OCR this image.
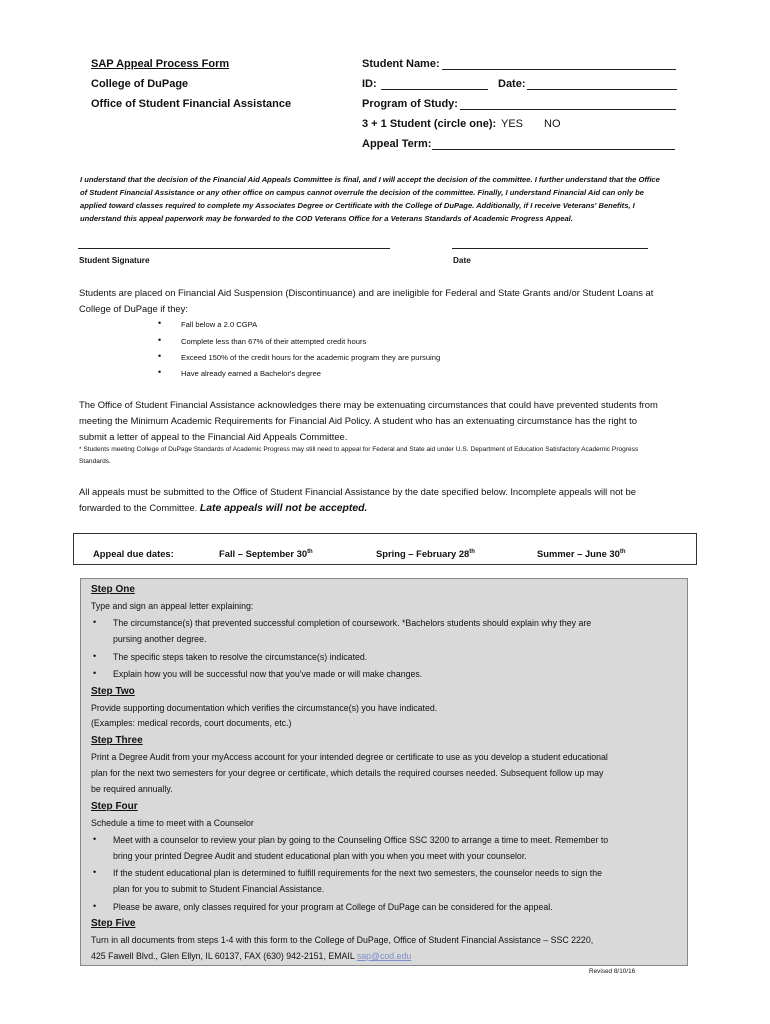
SAP Appeal Process Form
College of DuPage
Office of Student Financial Assistance
Student Name:
ID:	Date:
Program of Study:
3 + 1 Student (circle one): YES NO
Appeal Term:
I understand that the decision of the Financial Aid Appeals Committee is final, and I will accept the decision of the committee. I further understand that the Office
of Student Financial Assistance or any other office on campus cannot overrule the decision of the committee. Finally, I understand Financial Aid can only be
applied toward classes required to complete my Associates Degree or Certificate with the College of DuPage. Additionally, if I receive Veterans' Benefits, I
understand this appeal paperwork may be forwarded to the COD Veterans Office for a Veterans Standards of Academic Progress Appeal.
Student Signature	Date
Students are placed on Financial Aid Suspension (Discontinuance) and are ineligible for Federal and State Grants and/or Student Loans at
College of DuPage if they:
•	Fall below a 2.0 CGPA
•	Complete less than 67% of their attempted credit hours
•	Exceed 150% of the credit hours for the academic program they are pursuing
•	Have already earned a Bachelor's degree
The Office of Student Financial Assistance acknowledges there may be extenuating circumstances that could have prevented students from
meeting the Minimum Academic Requirements for Financial Aid Policy. A student who has an extenuating circumstance has the right to
submit a letter of appeal to the Financial Aid Appeals Committee.
* Students meeting College of DuPage Standards of Academic Progress may still need to appeal for Federal and State aid under U.S. Department of Education Satisfactory Academic Progress
Standards.
All appeals must be submitted to the Office of Student Financial Assistance by the date specified below. Incomplete appeals will not be
forwarded to the Committee. Late appeals will not be accepted.
Appeal due dates:	Fall – September 30th	Spring – February 28th	Summer – June 30th
Step One
Type and sign an appeal letter explaining:
• The circumstance(s) that prevented successful completion of coursework. *Bachelors students should explain why they are
pursing another degree.
• The specific steps taken to resolve the circumstance(s) indicated.
• Explain how you will be successful now that you've made or will make changes.
Step Two
Provide supporting documentation which verifies the circumstance(s) you have indicated.
(Examples: medical records, court documents, etc.)
Step Three
Print a Degree Audit from your myAccess account for your intended degree or certificate to use as you develop a student educational
plan for the next two semesters for your degree or certificate, which details the required courses needed. Subsequent follow up may
be required annually.
Step Four
Schedule a time to meet with a Counselor
• Meet with a counselor to review your plan by going to the Counseling Office SSC 3200 to arrange a time to meet. Remember to
bring your printed Degree Audit and student educational plan with you when you meet with your counselor.
• If the student educational plan is determined to fulfill requirements for the next two semesters, the counselor needs to sign the
plan for you to submit to Student Financial Assistance.
• Please be aware, only classes required for your program at College of DuPage can be considered for the appeal.
Step Five
Turn in all documents from steps 1-4 with this form to the College of DuPage, Office of Student Financial Assistance – SSC 2220,
425 Fawell Blvd., Glen Ellyn, IL 60137, FAX (630) 942-2151, EMAIL sap@cod.edu
Revised 8/10/16
